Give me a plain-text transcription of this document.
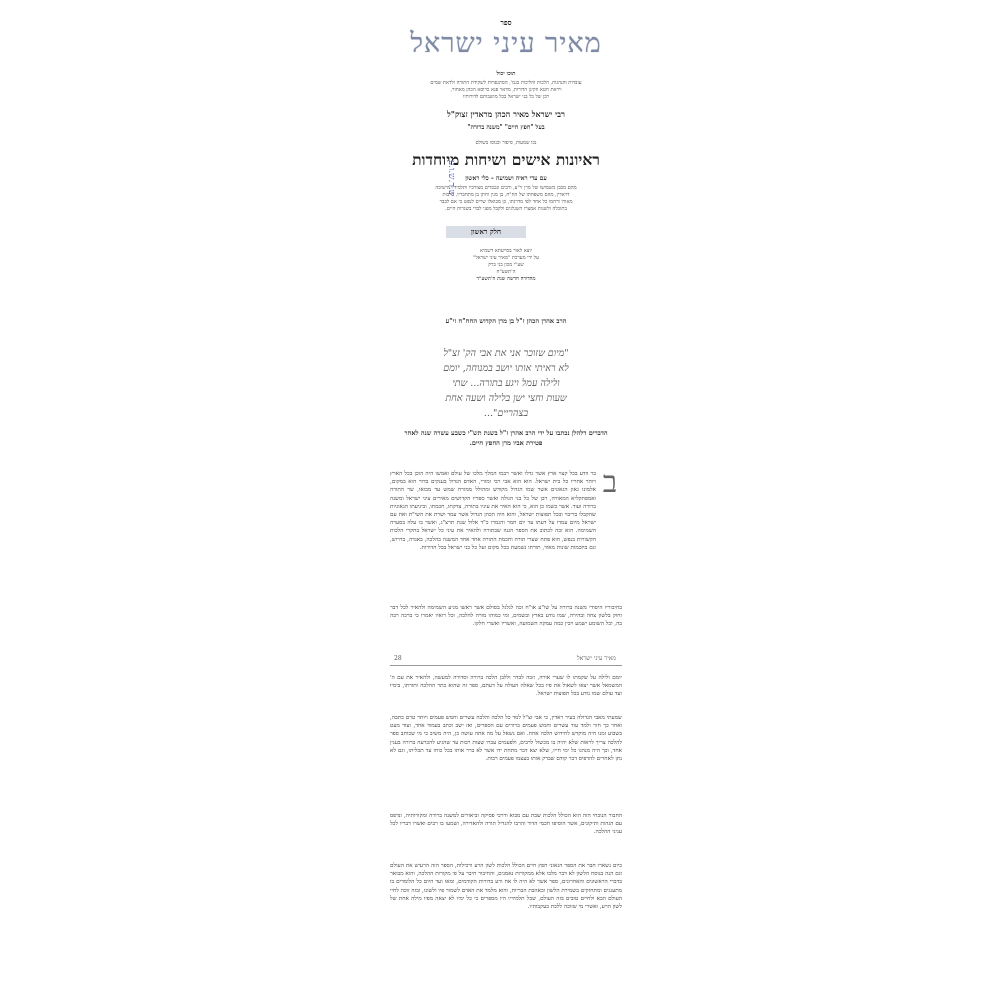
ספר
מאיר עיני ישראל
תוכו יכול
עובדות והנהגות, הלכות והליכות בגמ', הסתגפויות לשקידת התורה ולדאת שמים
ויראת חטא וזקינן הדורות, מדאר פנא כרוסא הכהן מאחור,
רבן של כל בני ישראל בכל מושבותם לדורותיו
רבי ישראל מאיר הכהן מראדין זצוק"ל
בעל "חפץ חיים" "משנה ברורה"
נכו שמעות, סיפור וכנוסו בשולם
ראיונות אישים ושיחות מיוחדות
עם עדי ראיה ושמיעה – כלי ראשון
מהם מכבן משמושו של מרן זי"ע, ורבים ונכבדים מצורביו ותלמידיו הישיבה
דראדין, מהם משפחתו של הח"ח, בן מנין וחתן בן מתחבריו, לרבות
מאורו ורחמו כל אחד לפי מדרגתו, כן מבואלו שרים לנפש כי אם לבבר
בתוכלה ולשנות אמצרו השגלגים ולקבל מפני לבדי בשגרות חיים.
חלק ראשון
יוצא לאור בסייעתא דשמיא
על ידי מערכת "מאיר עיני ישראל"
שע"י מכון בני ברק
ה'תשע"ח
מהדורה חדשה שנת ה'תשע"ד
ש.ר.ש.ו.ע
הרב אהרן הכהן ז"ל בן מרן הקדוש החח"ח זי"ע
"מיום שזוכר אני את אבי הק' זצ"ל
לא ראיתי אותו יושב במנוחה, יומם
ולילה עמל ויגע בתורה... שתי
שעות וחצי ישן בלילה ושעה אחת
בצהריים"...
הדברים דלהלן נכתבו על ידי הרב אהרן ז"ל בשנת תש"י כשבע עשרה שנה לאחר פטירת אביו מרן החפץ חיים.
ב
בר וודע בכל קצוי ארץ אשר גדלו ואשר רבמו המלך מלכו של עולם ואמשו היה הוכן בכל הארץ ויוהר אחריו כל בית ישראל. הוא הוא אבי רבי ומורי, האדם הגדול בענקים בדור הוא במקום, אלמונו גאון הגאונים אשר שמו הגדול מקודש ומהולל ממזרח שמש עד מבואו, שר התורה ואמפתקליא המאורה, רבן של כל בני הגולה ואשר ספריו הקדושים מאירים עיני ישראל ומשנה ברורה ועוד. אשר כשמו כן הוא, כי הוא האיר את עיניו בתורה, צדקתו, חכמתו, וביגיעתו הגאוניות שהקבלו בריבוי ובכל תפוצות ישראל, והוא היה הכהן הגדול אשר עמד ושרת את השי"ת ואת עם ישראל מיום עמדו על דעתו עד יום חמר והגמרו כ"ד אלול שנת תרצ"ג, ואשר בו עלה בסערה השמימה. הוא זכה לכתוב את הספר הגנוז שבתורה ולהאיר את עיני כל ישראל בחקרי הלכות הקשורות בנפש, הוא פתח שערי תורה וחכמת התורה אחד אחד המשנה בהלכה, באגדה, בדרוש, וגם בחכמות שונות מאוד, תורתו נשמעת בכל מקום ועל כל בני ישראל בכל הדורות.
בחיבוריו היסודי משנה ברורה על שו"ע או"ח זכה לגלגל בסולם אשר ראשו מגיע השמימה ולהאיר לכל דבר וחוק בלשון צחה ובהירה, שמו נודע בארץ ובשמים, ומי כמוהו מורה להלכה, וכל רואיו יאמרו כי ברכה רבה בה, וכל השומע ישמע ויבין כמה עמקה השמועה, ואשריו ואשרי חלקו.
מאיר עיני ישראל
28
יומם ולילה על שקמתו לו שערי אורה, וזכה לבדר וללבן הלכה ברורה וסדורה למעשה, ולהאיר את עם ה' המשמאל אשר יצאו לשאול את פיו בכל שאלה העולה על דעתם, ספר זה שהוא כתר ההלכה ותורתו, בימיו ועד עולם שמו נודע בכל תפוצות ישראל.
שמעתי מאבי הגדולה בעיר ראדין, כי אבי זצ"ל למד כל הלכה והלכה עשרים וחמש פעמים ויותר טרם כתבה, ואחר כך חזר ולמד עוד עשרים וחמש פעמים ברורים עם הספרים, ואז ישב וכתב בעמוד אחד, ועוד מעט בשבוע זמנו היה מוקדש לחידוש הלכה אחת. ואם נשאל על מה אתה עושה כן, היה משיב כי מי שכותב ספר להלכה צריך לראות שלא יהיה בו מכשול לרבים, ולפעמים עברו שעות רבות עד שהגיע להכרעה ברורה בענין אחד, וכך היה מנהגו כל ימי חייו, שלא יצא דבר מתחת ידו אשר לא ברר אותו בכל כוחו עד תכליתו, וגם לא נתן לאחרים להדפיס דבר קודם שבדק אותו בעצמו פעמים רבות.
החבור הנוכחי הזה הוא הכולל הלכות שבת עם מבוא ודרכי פסיקה וביאורים למשנה ברורה ומקורותיה, ונדפס עם הגהות ותיקונים, אשר הוסיפו חכמי הדור והרבו להגדיל תורה ולהאדירה, ושמעו בו רבים ואשרו דבריו לכל עניני ההלכה.
כיום נשארו חבר את הספר הגאוני חפץ חיים הכולל הלכות לשון הרע ורכילות, הספר הזה הרעיש את העולם וגם הנה בנוסח הלשון לא דבר מלבו אלא ממקורות נאמנים, והחיבור חיבר על פי מקורות ההלכה, והוא מבואר בדברי הראשונים והאחרונים, ספר אשר לא היה לו אח ורע בדורות הקודמים, ומאז ועד היום כל הלומדים בו מתענגים ומתחזקים בשמירת הלשון ובאהבת הבריות, והוא מלמד את האדם לשמור פיו ולשונו, ובזה זוכה לחיי העולם הבא ולחיים טובים בזה העולם, שכל תלמידיו היו מספרים כי כל ימיו לא יצאה מפיו מילה אחת של לשון הרע, ואשרי מי שזוכה ללכת בעקבותיו.
